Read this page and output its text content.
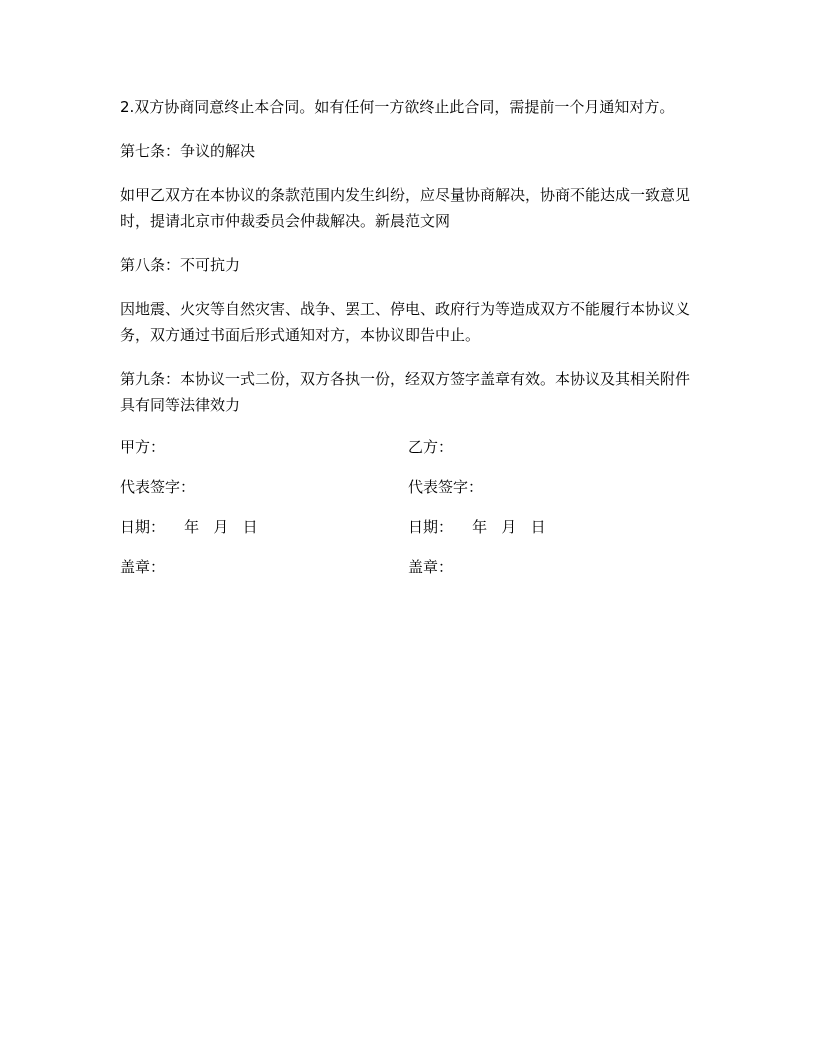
2.双方协商同意终止本合同。如有任何一方欲终止此合同，需提前一个月通知对方。

第七条：争议的解决

如甲乙双方在本协议的条款范围内发生纠纷，应尽量协商解决，协商不能达成一致意见时，提请北京市仲裁委员会仲裁解决。新晨范文网

第八条：不可抗力

因地震、火灾等自然灾害、战争、罢工、停电、政府行为等造成双方不能履行本协议义务，双方通过书面后形式通知对方，本协议即告中止。

第九条：本协议一式二份，双方各执一份，经双方签字盖章有效。本协议及其相关附件具有同等法律效力

甲方：	乙方：
代表签字：	代表签字：
日期：    年   月   日	日期：    年   月   日
盖章：	盖章：
